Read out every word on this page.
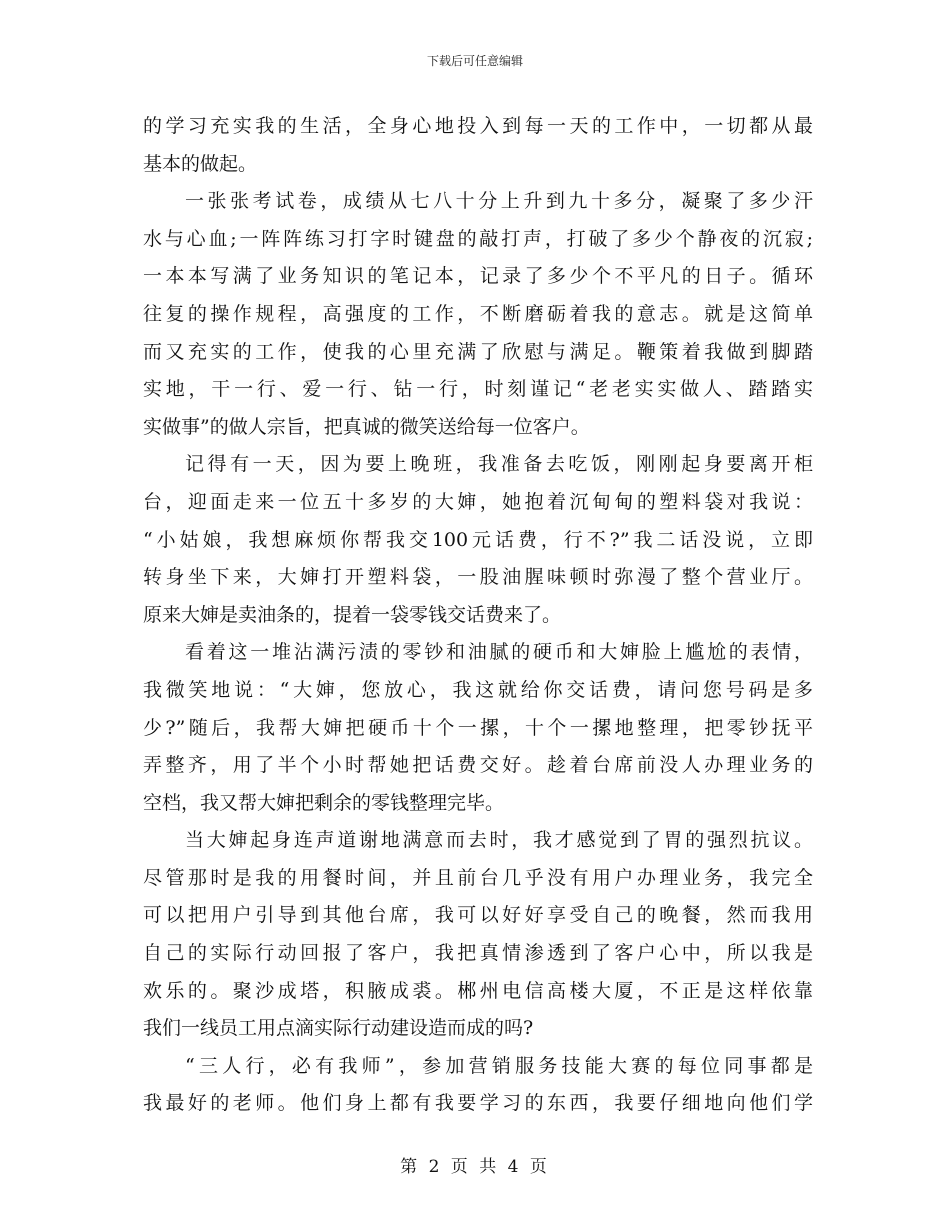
下载后可任意编辑
的学习充实我的生活，全身心地投入到每一天的工作中，一切都从最
基本的做起。
一张张考试卷，成绩从七八十分上升到九十多分，凝聚了多少汗
水与心血;一阵阵练习打字时键盘的敲打声，打破了多少个静夜的沉寂;
一本本写满了业务知识的笔记本，记录了多少个不平凡的日子。循环
往复的操作规程，高强度的工作，不断磨砺着我的意志。就是这简单
而又充实的工作，使我的心里充满了欣慰与满足。鞭策着我做到脚踏
实地，干一行、爱一行、钻一行，时刻谨记“老老实实做人、踏踏实
实做事”的做人宗旨，把真诚的微笑送给每一位客户。
记得有一天，因为要上晚班，我准备去吃饭，刚刚起身要离开柜
台，迎面走来一位五十多岁的大婶，她抱着沉甸甸的塑料袋对我说：
“小姑娘，我想麻烦你帮我交100元话费，行不?”我二话没说，立即
转身坐下来，大婶打开塑料袋，一股油腥味顿时弥漫了整个营业厅。
原来大婶是卖油条的，提着一袋零钱交话费来了。
看着这一堆沾满污渍的零钞和油腻的硬币和大婶脸上尴尬的表情，
我微笑地说：“大婶，您放心，我这就给你交话费，请问您号码是多
少?”随后，我帮大婶把硬币十个一摞，十个一摞地整理，把零钞抚平
弄整齐，用了半个小时帮她把话费交好。趁着台席前没人办理业务的
空档，我又帮大婶把剩余的零钱整理完毕。
当大婶起身连声道谢地满意而去时，我才感觉到了胃的强烈抗议。
尽管那时是我的用餐时间，并且前台几乎没有用户办理业务，我完全
可以把用户引导到其他台席，我可以好好享受自己的晚餐，然而我用
自己的实际行动回报了客户，我把真情渗透到了客户心中，所以我是
欢乐的。聚沙成塔，积腋成裘。郴州电信高楼大厦，不正是这样依靠
我们一线员工用点滴实际行动建设造而成的吗?
“三人行，必有我师”，参加营销服务技能大赛的每位同事都是
我最好的老师。他们身上都有我要学习的东西，我要仔细地向他们学
第 2 页 共 4 页
